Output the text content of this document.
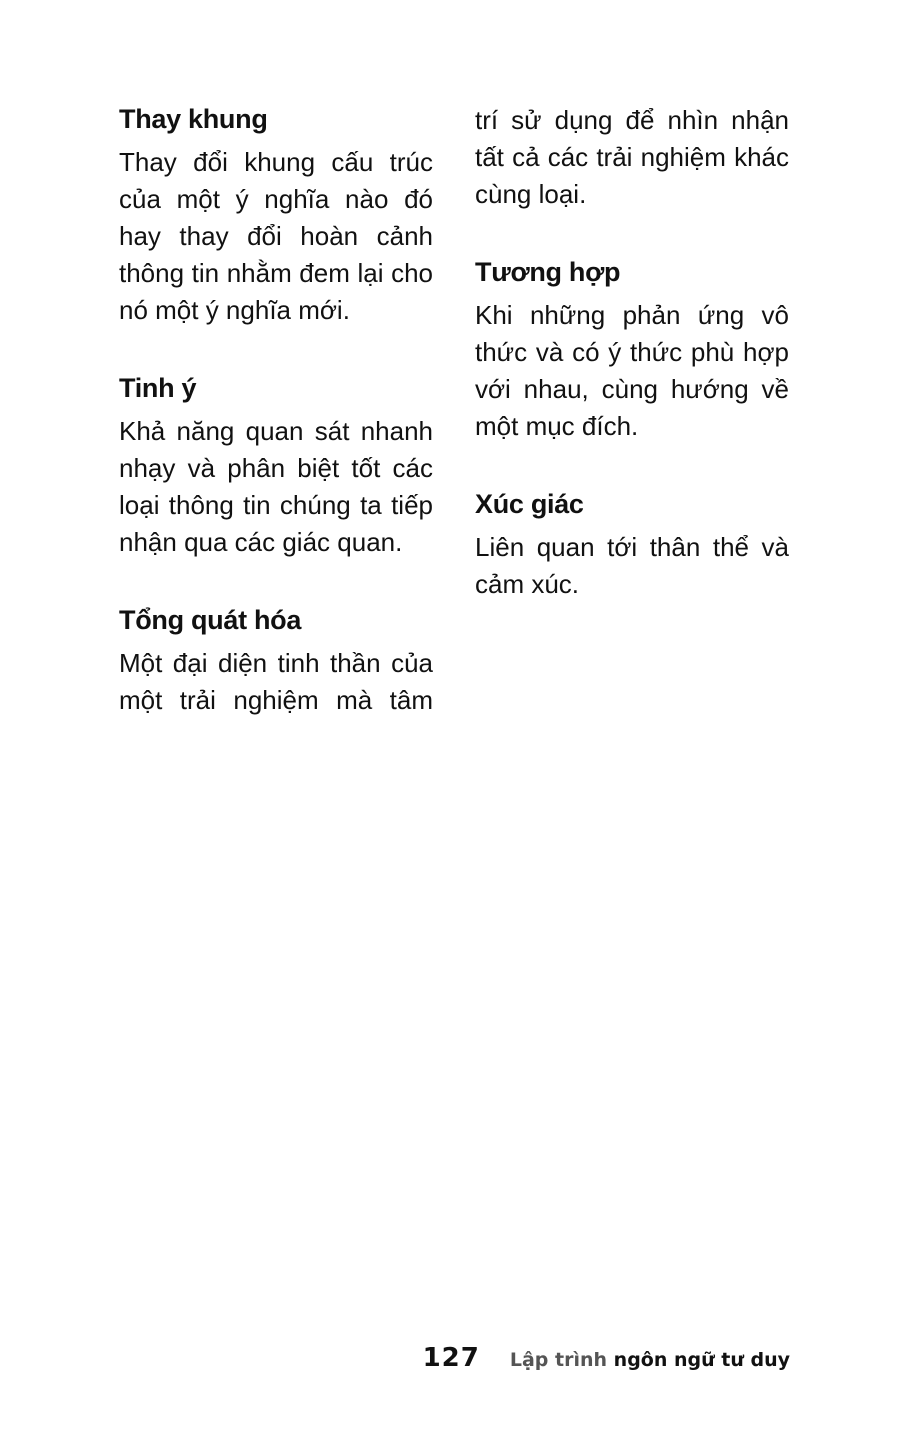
Thay khung

Thay đổi khung cấu trúc của một ý nghĩa nào đó hay thay đổi hoàn cảnh thông tin nhằm đem lại cho nó một ý nghĩa mới.

Tinh ý

Khả năng quan sát nhanh nhạy và phân biệt tốt các loại thông tin chúng ta tiếp nhận qua các giác quan.

Tổng quát hóa

Một đại diện tinh thần của một trải nghiệm mà tâm

trí sử dụng để nhìn nhận tất cả các trải nghiệm khác cùng loại.

Tương hợp

Khi những phản ứng vô thức và có ý thức phù hợp với nhau, cùng hướng về một mục đích.

Xúc giác

Liên quan tới thân thể và cảm xúc.

127 Lập trình ngôn ngữ tư duy
